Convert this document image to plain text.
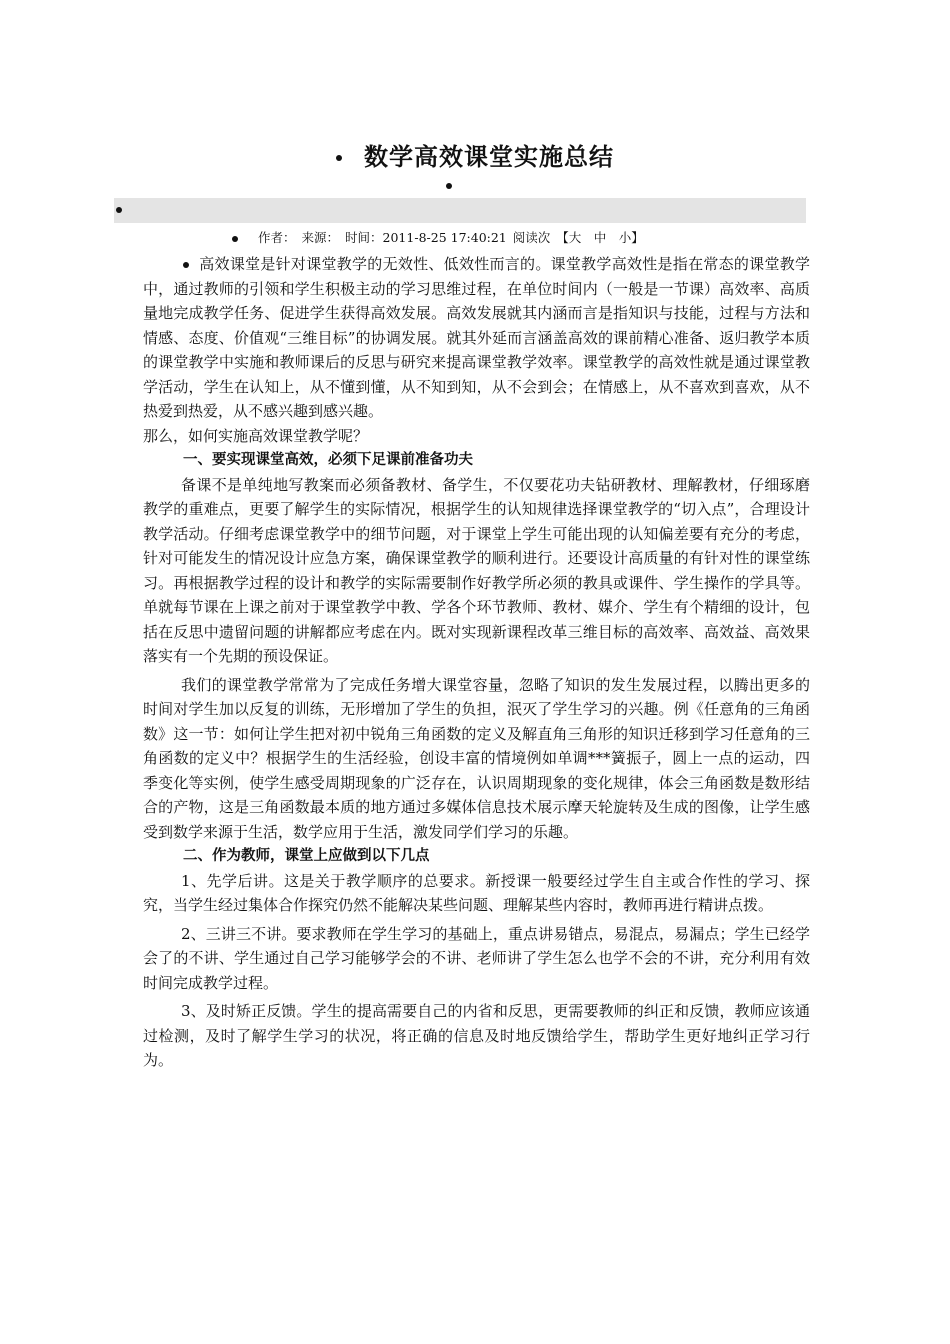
数学高效课堂实施总结
作者： 来源： 时间：2011-8-25 17:40:21 阅读次 【大　中　小】

高效课堂是针对课堂教学的无效性、低效性而言的。课堂教学高效性是指在常态的课堂教学中，通过教师的引领和学生积极主动的学习思维过程，在单位时间内（一般是一节课）高效率、高质量地完成教学任务、促进学生获得高效发展。高效发展就其内涵而言是指知识与技能，过程与方法和情感、态度、价值观“三维目标”的协调发展。就其外延而言涵盖高效的课前精心准备、返归教学本质的课堂教学中实施和教师课后的反思与研究来提高课堂教学效率。课堂教学的高效性就是通过课堂教学活动，学生在认知上，从不懂到懂，从不知到知，从不会到会；在情感上，从不喜欢到喜欢，从不热爱到热爱，从不感兴趣到感兴趣。

那么，如何实施高效课堂教学呢？

一、要实现课堂高效，必须下足课前准备功夫

备课不是单纯地写教案而必须备教材、备学生，不仅要花功夫钻研教材、理解教材，仔细琢磨教学的重难点，更要了解学生的实际情况，根据学生的认知规律选择课堂教学的“切入点”，合理设计教学活动。仔细考虑课堂教学中的细节问题，对于课堂上学生可能出现的认知偏差要有充分的考虑，针对可能发生的情况设计应急方案，确保课堂教学的顺利进行。还要设计高质量的有针对性的课堂练习。再根据教学过程的设计和教学的实际需要制作好教学所必须的教具或课件、学生操作的学具等。单就每节课在上课之前对于课堂教学中教、学各个环节教师、教材、媒介、学生有个精细的设计，包括在反思中遗留问题的讲解都应考虑在内。既对实现新课程改革三维目标的高效率、高效益、高效果落实有一个先期的预设保证。

我们的课堂教学常常为了完成任务增大课堂容量，忽略了知识的发生发展过程，以腾出更多的时间对学生加以反复的训练，无形增加了学生的负担，泯灭了学生学习的兴趣。例《任意角的三角函数》这一节：如何让学生把对初中锐角三角函数的定义及解直角三角形的知识迁移到学习任意角的三角函数的定义中？根据学生的生活经验，创设丰富的情境例如单调***簧振子，圆上一点的运动，四季变化等实例，使学生感受周期现象的广泛存在，认识周期现象的变化规律，体会三角函数是数形结合的产物，这是三角函数最本质的地方通过多媒体信息技术展示摩天轮旋转及生成的图像，让学生感受到数学来源于生活，数学应用于生活，激发同学们学习的乐趣。

二、作为教师，课堂上应做到以下几点

1、先学后讲。这是关于教学顺序的总要求。新授课一般要经过学生自主或合作性的学习、探究，当学生经过集体合作探究仍然不能解决某些问题、理解某些内容时，教师再进行精讲点拨。

2、三讲三不讲。要求教师在学生学习的基础上，重点讲易错点，易混点，易漏点；学生已经学会了的不讲、学生通过自己学习能够学会的不讲、老师讲了学生怎么也学不会的不讲，充分利用有效时间完成教学过程。

3、及时矫正反馈。学生的提高需要自己的内省和反思，更需要教师的纠正和反馈，教师应该通过检测，及时了解学生学习的状况，将正确的信息及时地反馈给学生，帮助学生更好地纠正学习行为。
